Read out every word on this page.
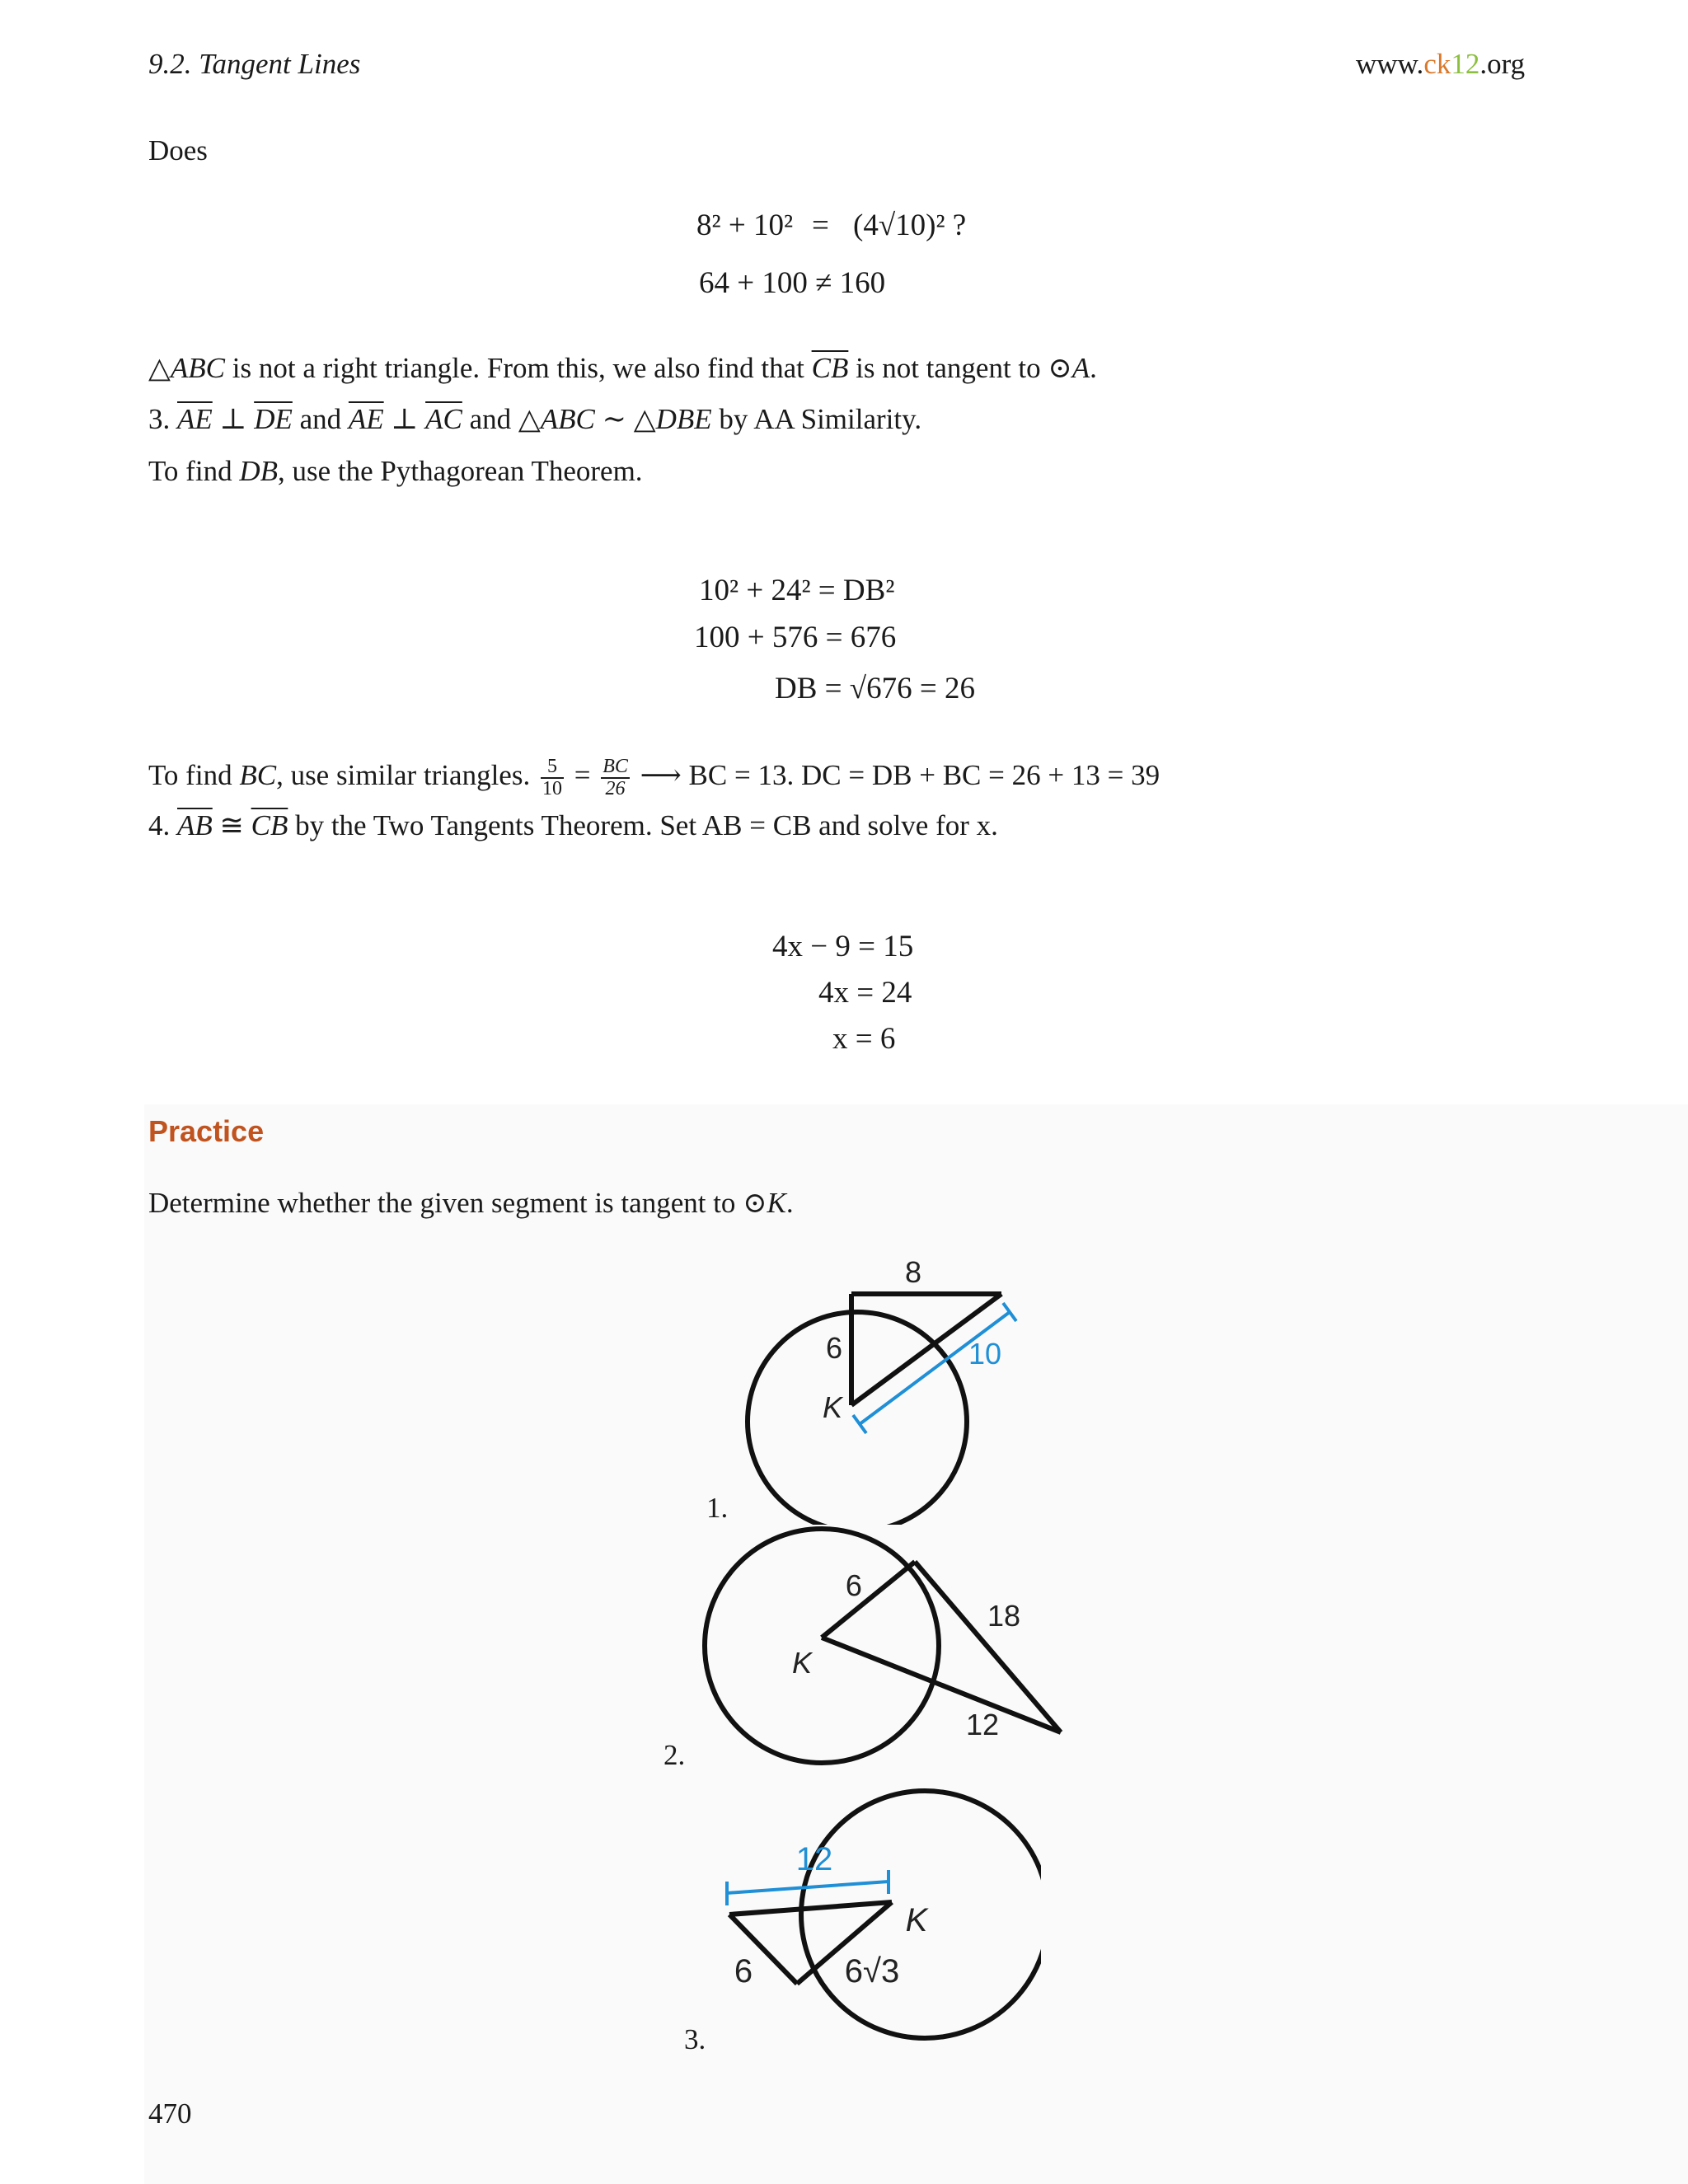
9.2. Tangent Lines	www.ck12.org
Does
8² + 10² = (4√10)² ?
64 + 100 ≠ 160
△ABC is not a right triangle. From this, we also find that $\overline{CB}$ is not tangent to ⊙A.
3. $\overline{AE}$ ⊥ $\overline{DE}$ and $\overline{AE}$ ⊥ $\overline{AC}$ and △ABC ∼ △DBE by AA Similarity.
To find DB, use the Pythagorean Theorem.
10² + 24² = DB²
100 + 576 = 676
DB = √676 = 26
To find BC, use similar triangles. $\frac{5}{10} = \frac{BC}{26}$ ⟶ BC = 13. DC = DB + BC = 26 + 13 = 39
4. $\overline{AB}$ ≅ $\overline{CB}$ by the Two Tangents Theorem. Set AB = CB and solve for x.
4x − 9 = 15
4x = 24
x = 6
Practice
Determine whether the given segment is tangent to ⊙K.
1.
8
6	10
K
2.
9
18
12
K
3.
12
K
6	6√3
470
